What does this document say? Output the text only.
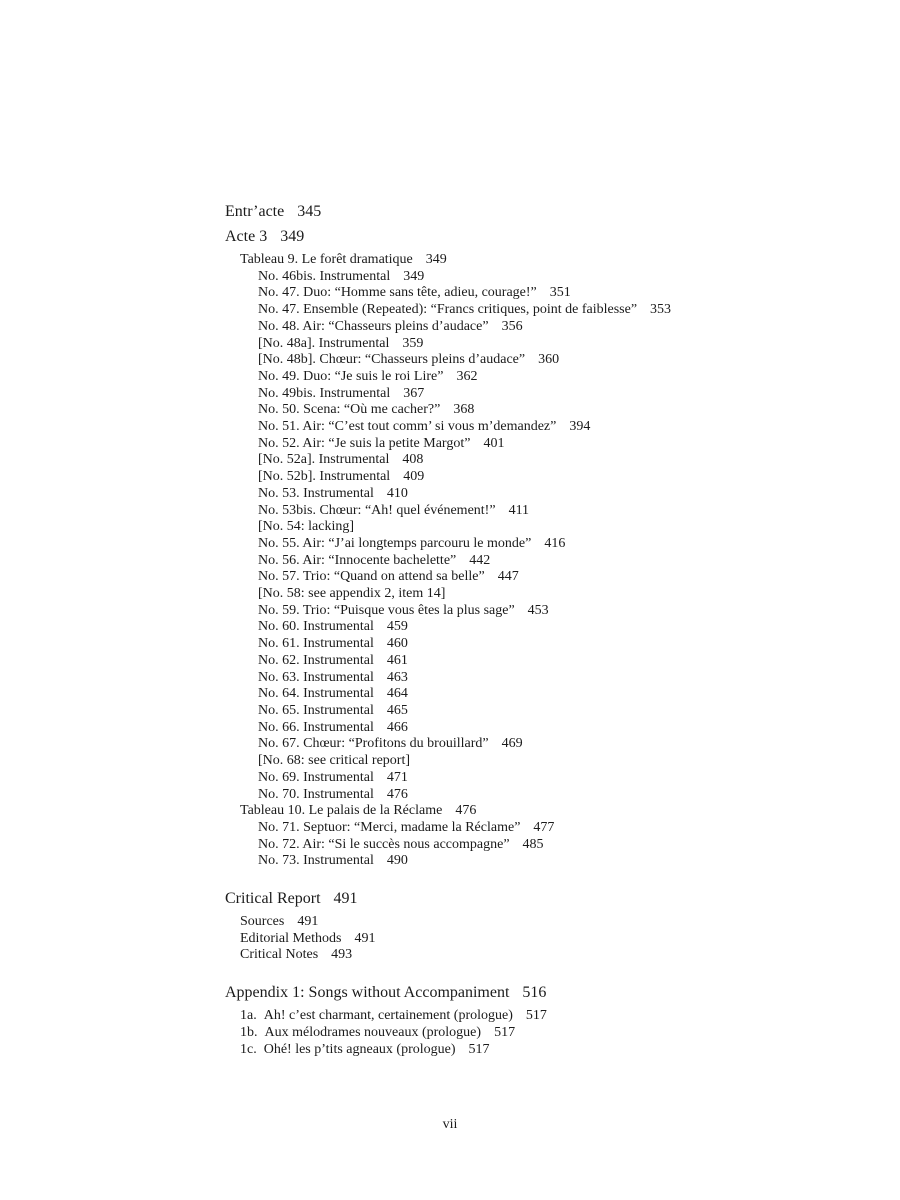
Entr’acte 345
Acte 3 349
Tableau 9. Le forêt dramatique 349
No. 46bis. Instrumental 349
No. 47. Duo: “Homme sans tête, adieu, courage!” 351
No. 47. Ensemble (Repeated): “Francs critiques, point de faiblesse” 353
No. 48. Air: “Chasseurs pleins d’audace” 356
[No. 48a]. Instrumental 359
[No. 48b]. Chœur: “Chasseurs pleins d’audace” 360
No. 49. Duo: “Je suis le roi Lire” 362
No. 49bis. Instrumental 367
No. 50. Scena: “Où me cacher?” 368
No. 51. Air: “C’est tout comm’ si vous m’demandez” 394
No. 52. Air: “Je suis la petite Margot” 401
[No. 52a]. Instrumental 408
[No. 52b]. Instrumental 409
No. 53. Instrumental 410
No. 53bis. Chœur: “Ah! quel événement!” 411
[No. 54: lacking]
No. 55. Air: “J’ai longtemps parcouru le monde” 416
No. 56. Air: “Innocente bachelette” 442
No. 57. Trio: “Quand on attend sa belle” 447
[No. 58: see appendix 2, item 14]
No. 59. Trio: “Puisque vous êtes la plus sage” 453
No. 60. Instrumental 459
No. 61. Instrumental 460
No. 62. Instrumental 461
No. 63. Instrumental 463
No. 64. Instrumental 464
No. 65. Instrumental 465
No. 66. Instrumental 466
No. 67. Chœur: “Profitons du brouillard” 469
[No. 68: see critical report]
No. 69. Instrumental 471
No. 70. Instrumental 476
Tableau 10. Le palais de la Réclame 476
No. 71. Septuor: “Merci, madame la Réclame” 477
No. 72. Air: “Si le succès nous accompagne” 485
No. 73. Instrumental 490
Critical Report 491
Sources 491
Editorial Methods 491
Critical Notes 493
Appendix 1: Songs without Accompaniment 516
1a.  Ah! c’est charmant, certainement (prologue) 517
1b.  Aux mélodrames nouveaux (prologue) 517
1c.  Ohé! les p’tits agneaux (prologue) 517
vii
